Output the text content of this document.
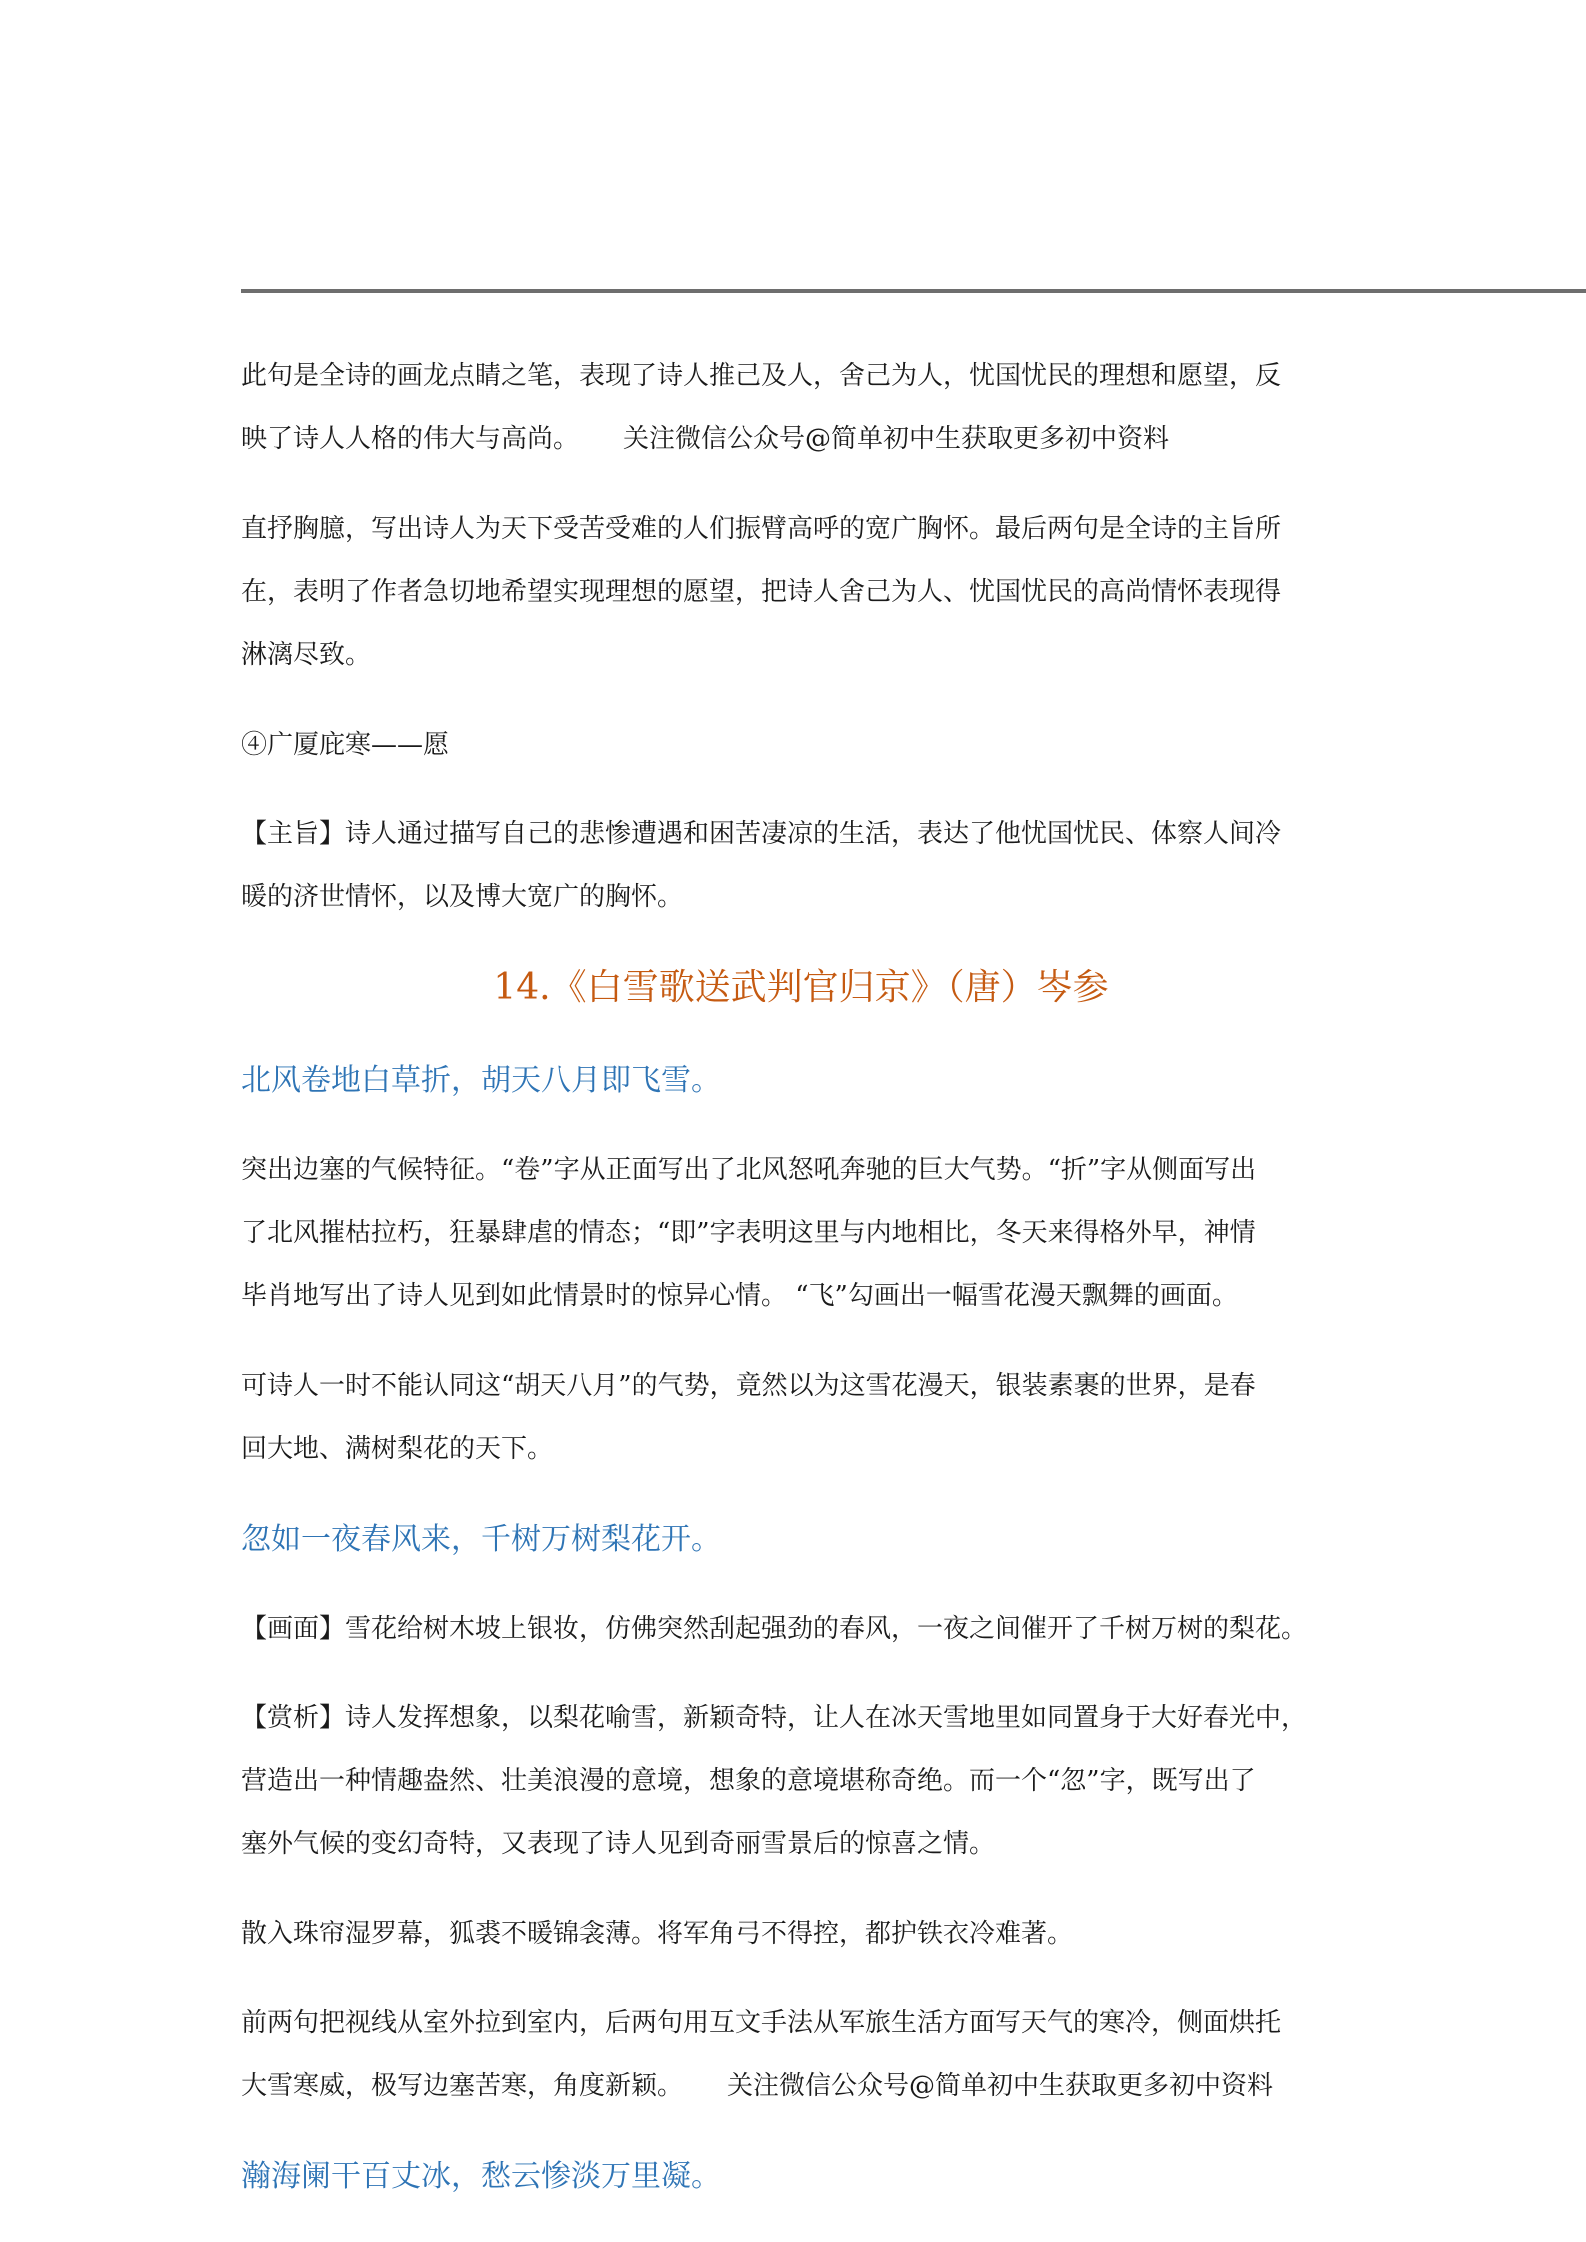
此句是全诗的画龙点睛之笔，表现了诗人推己及人，舍己为人，忧国忧民的理想和愿望，反
映了诗人人格的伟大与高尚。 关注微信公众号@简单初中生获取更多初中资料
直抒胸臆，写出诗人为天下受苦受难的人们振臂高呼的宽广胸怀。最后两句是全诗的主旨所
在，表明了作者急切地希望实现理想的愿望，把诗人舍己为人、忧国忧民的高尚情怀表现得
淋漓尽致。
④广厦庇寒——愿
【主旨】诗人通过描写自己的悲惨遭遇和困苦凄凉的生活，表达了他忧国忧民、体察人间冷
暖的济世情怀，以及博大宽广的胸怀。
14.《白雪歌送武判官归京》（唐）岑参
北风卷地白草折，胡天八月即飞雪。
突出边塞的气候特征。“卷”字从正面写出了北风怒吼奔驰的巨大气势。“折”字从侧面写出
了北风摧枯拉朽，狂暴肆虐的情态；“即”字表明这里与内地相比，冬天来得格外早，神情
毕肖地写出了诗人见到如此情景时的惊异心情。 “飞”勾画出一幅雪花漫天飘舞的画面。
可诗人一时不能认同这“胡天八月”的气势，竟然以为这雪花漫天，银装素裹的世界，是春
回大地、满树梨花的天下。
忽如一夜春风来，千树万树梨花开。
【画面】雪花给树木坡上银妆，仿佛突然刮起强劲的春风，一夜之间催开了千树万树的梨花。
【赏析】诗人发挥想象，以梨花喻雪，新颖奇特，让人在冰天雪地里如同置身于大好春光中，
营造出一种情趣盎然、壮美浪漫的意境，想象的意境堪称奇绝。而一个“忽”字，既写出了
塞外气候的变幻奇特，又表现了诗人见到奇丽雪景后的惊喜之情。
散入珠帘湿罗幕，狐裘不暖锦衾薄。将军角弓不得控，都护铁衣冷难著。
前两句把视线从室外拉到室内，后两句用互文手法从军旅生活方面写天气的寒冷，侧面烘托
大雪寒威，极写边塞苦寒，角度新颖。 关注微信公众号@简单初中生获取更多初中资料
瀚海阑干百丈冰，愁云惨淡万里凝。
